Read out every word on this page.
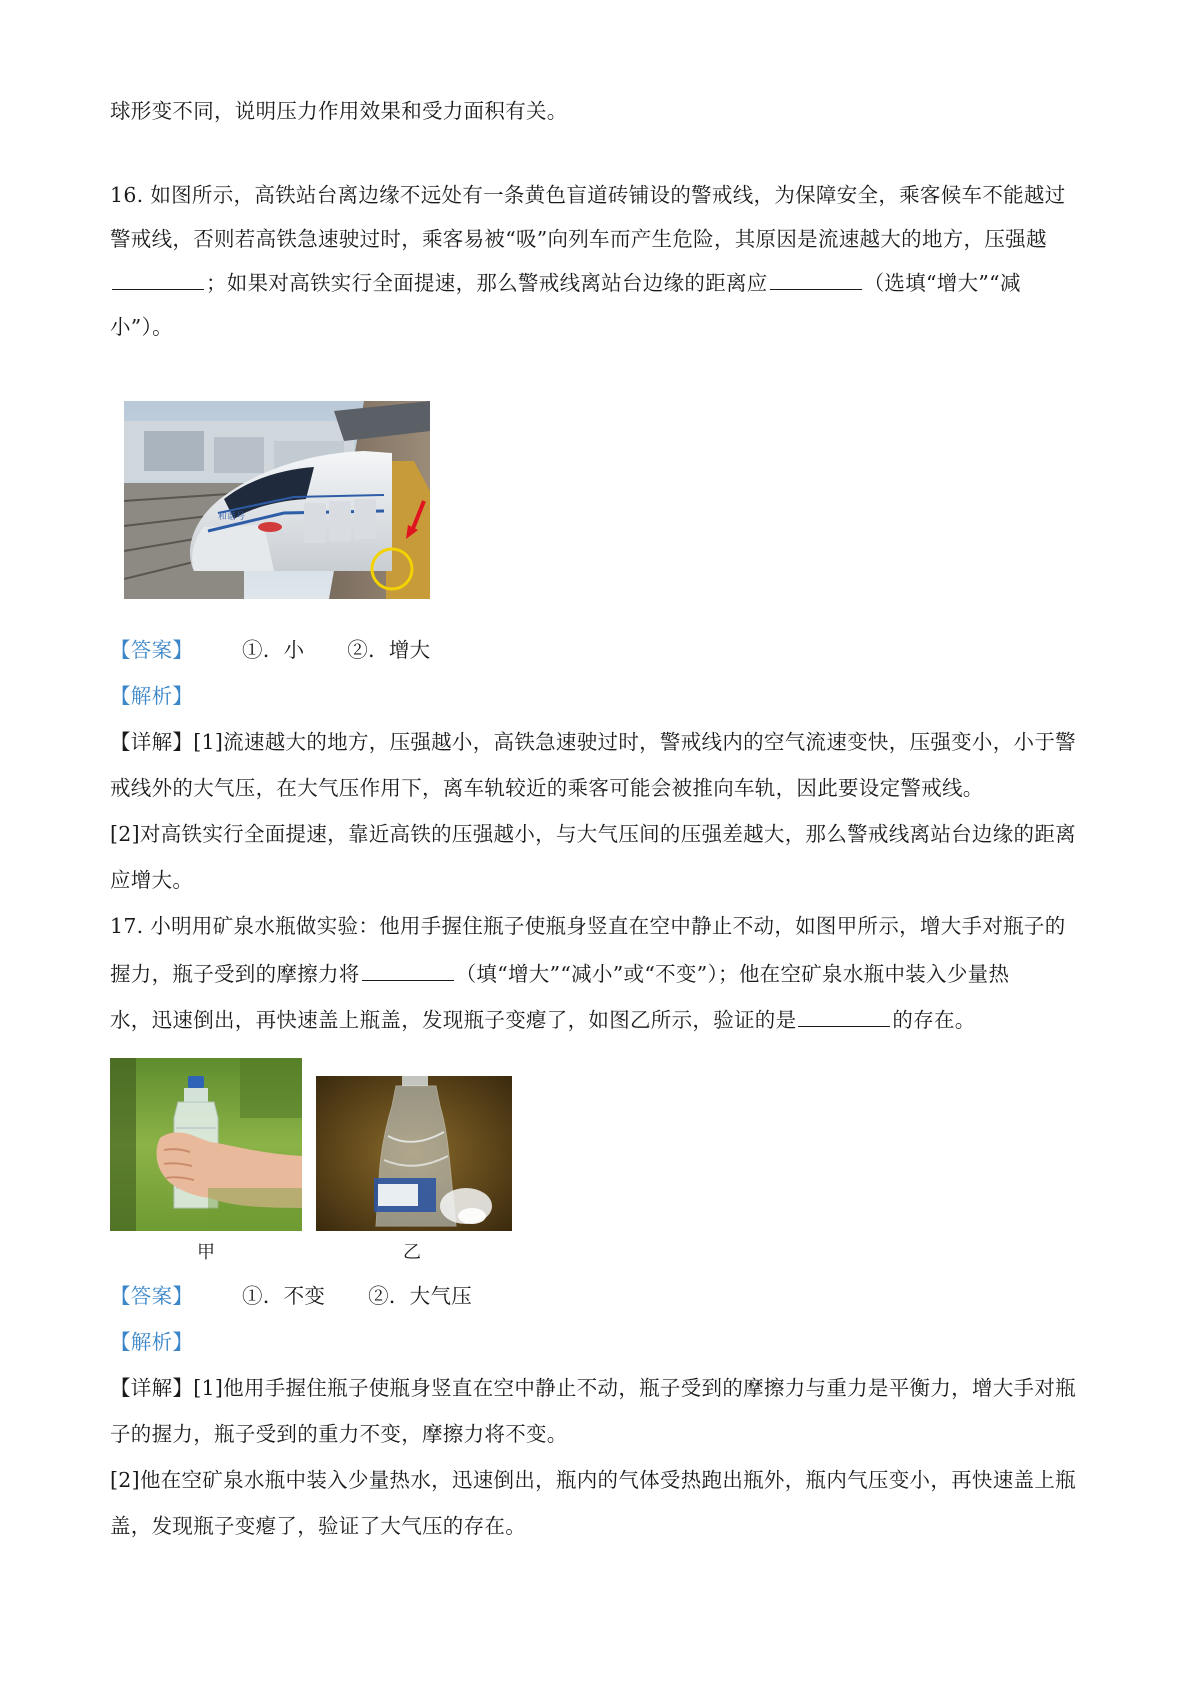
球形变不同，说明压力作用效果和受力面积有关。
16. 如图所示，高铁站台离边缘不远处有一条黄色盲道砖铺设的警戒线，为保障安全，乘客候车不能越过
警戒线，否则若高铁急速驶过时，乘客易被“吸”向列车而产生危险，其原因是流速越大的地方，压强越
；如果对高铁实行全面提速，那么警戒线离站台边缘的距离应	（选填“增大”“减
小”）。
和谐号
【答案】 ①．小 ②．增大
【解析】
【详解】[1]流速越大的地方，压强越小，高铁急速驶过时，警戒线内的空气流速变快，压强变小，小于警
戒线外的大气压，在大气压作用下，离车轨较近的乘客可能会被推向车轨，因此要设定警戒线。
[2]对高铁实行全面提速，靠近高铁的压强越小，与大气压间的压强差越大，那么警戒线离站台边缘的距离
应增大。
17. 小明用矿泉水瓶做实验：他用手握住瓶子使瓶身竖直在空中静止不动，如图甲所示，增大手对瓶子的
握力，瓶子受到的摩擦力将	（填“增大”“减小”或“不变”）；他在空矿泉水瓶中装入少量热
水，迅速倒出，再快速盖上瓶盖，发现瓶子变瘪了，如图乙所示，验证的是	的存在。
甲	乙
【答案】 ①．不变 ②．大气压
【解析】
【详解】[1]他用手握住瓶子使瓶身竖直在空中静止不动，瓶子受到的摩擦力与重力是平衡力，增大手对瓶
子的握力，瓶子受到的重力不变，摩擦力将不变。
[2]他在空矿泉水瓶中装入少量热水，迅速倒出，瓶内的气体受热跑出瓶外，瓶内气压变小，再快速盖上瓶
盖，发现瓶子变瘪了，验证了大气压的存在。
